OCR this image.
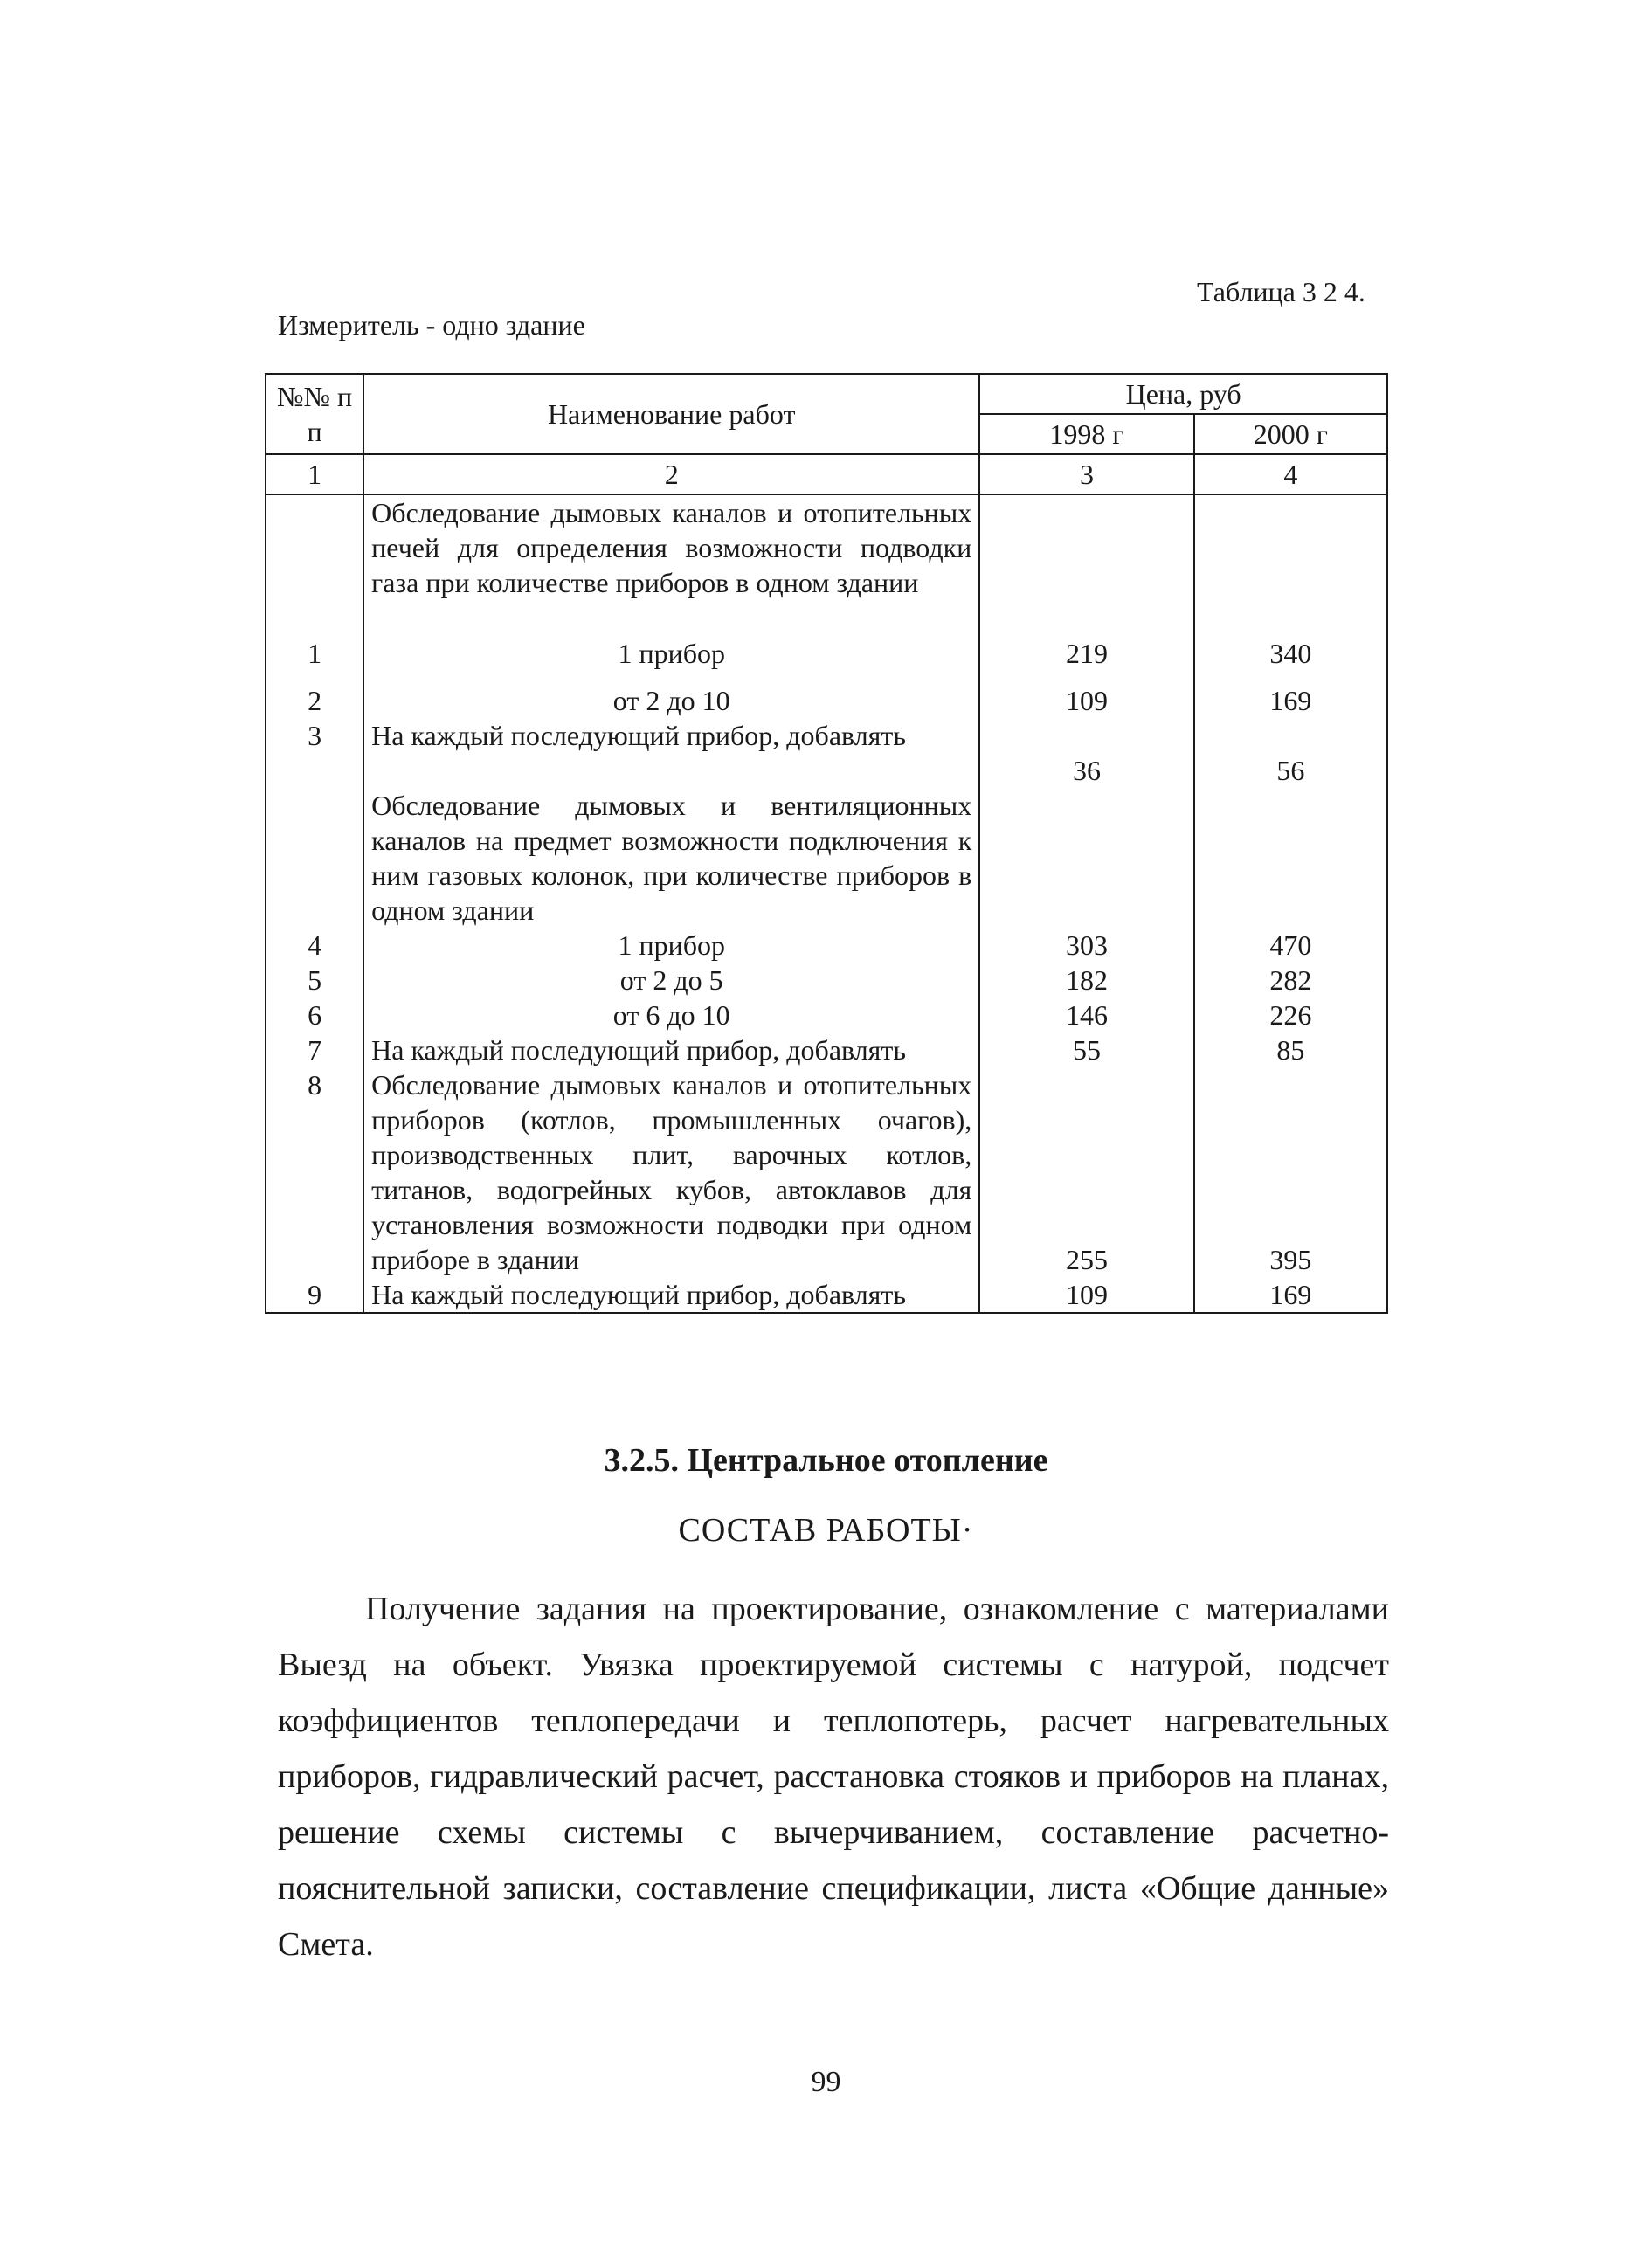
Таблица 3 2 4.
Измеритель - одно здание
№№ п п	Наименование работ	Цена, руб	
		1998 г	2000 г
1	2	3	4
	Обследование дымовых каналов и отопительных печей для определения возможности подводки газа при количестве приборов в одном здании		
1	1 прибор	219	340
2	от 2 до 10	109	169
3	На каждый последующий прибор, добавлять	36	56
	Обследование дымовых и вентиляционных каналов на предмет возможности подключения к ним газовых колонок, при количестве приборов в одном здании		
4	1 прибор	303	470
5	от 2 до 5	182	282
6	от 6 до 10	146	226
7	На каждый последующий прибор, добавлять	55	85
8	Обследование дымовых каналов и отопительных приборов (котлов, промышленных очагов), производственных плит, варочных котлов, титанов, водогрейных кубов, автоклавов для установления возможности подводки при одном приборе в здании	255	395
9	На каждый последующий прибор, добавлять	109	169
3.2.5. Центральное отопление
СОСТАВ РАБОТЫ·

Получение задания на проектирование, ознакомление с материалами Выезд на объект. Увязка проектируемой системы с натурой, подсчет коэффициентов теплопередачи и теплопотерь, расчет нагревательных приборов, гидравлический расчет, расстановка стояков и приборов на планах, решение схемы системы с вычерчиванием, составление расчетно-пояснительной записки, составление спецификации, листа «Общие данные» Смета.

99
